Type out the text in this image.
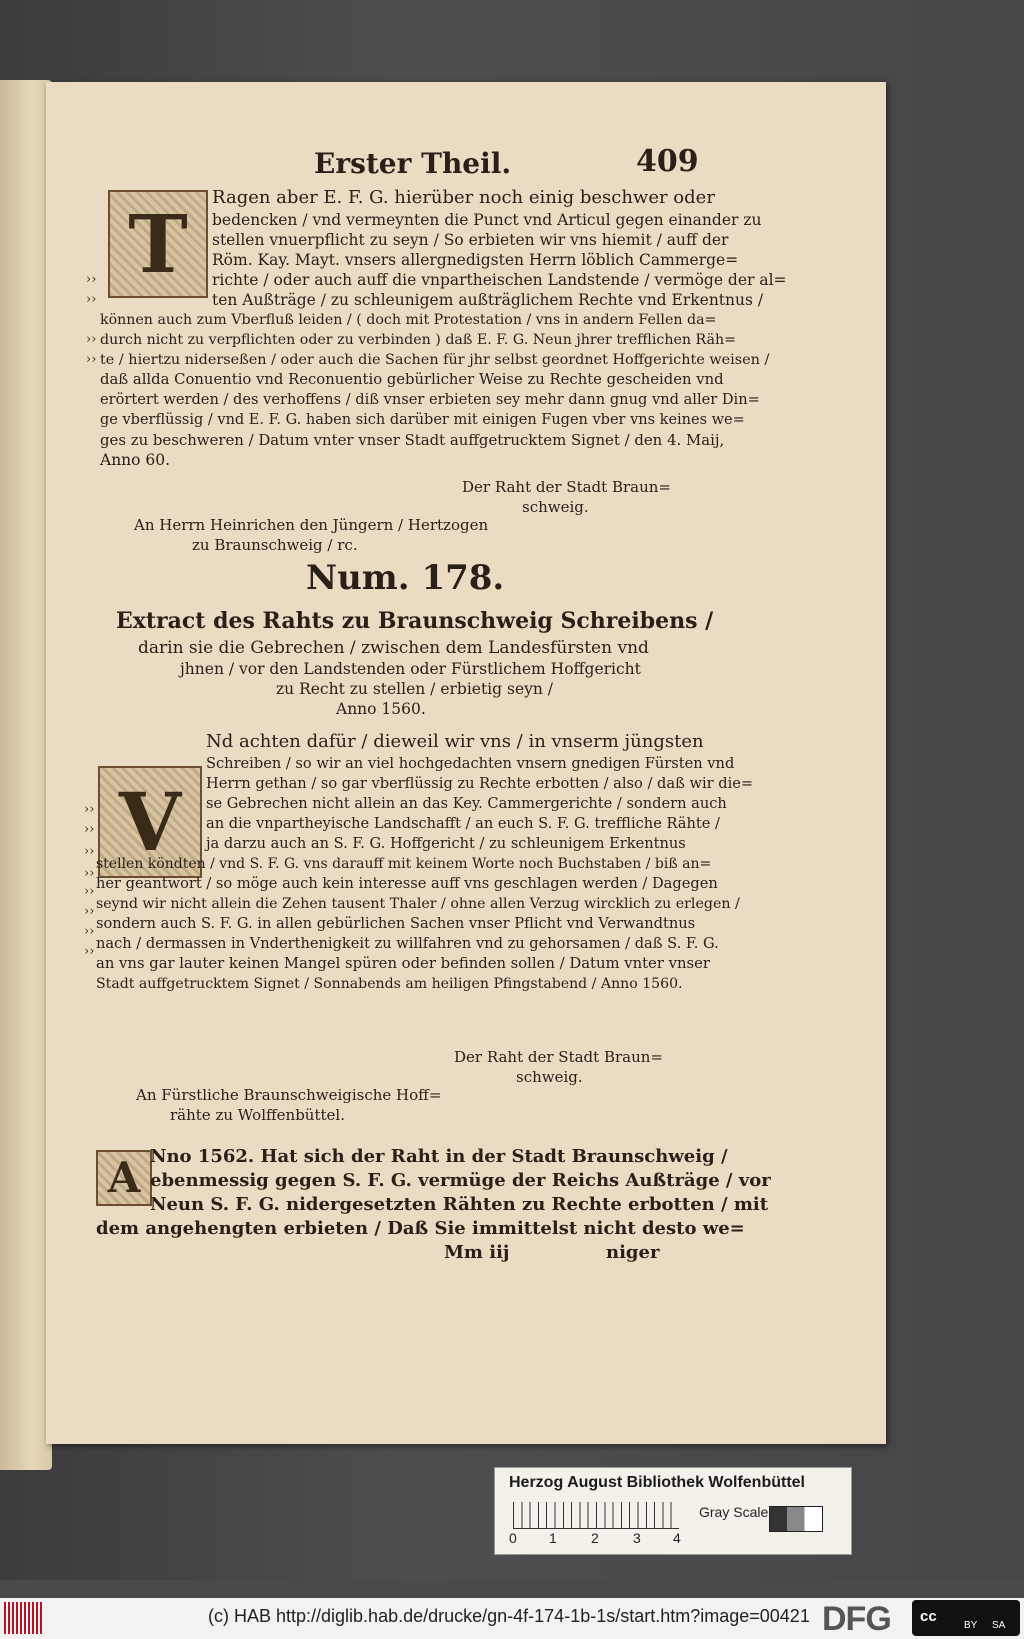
Erster Theil.	409
T	Ragen aber E. F. G. hierüber noch einig beschwer oder
bedencken / vnd vermeynten die Punct vnd Articul gegen einander zu
stellen vnuerpflicht zu seyn / So erbieten wir vns hiemit / auff der
Röm. Kay. Mayt. vnsers allergnedigsten Herrn löblich Cammerge=
richte / oder auch auff die vnpartheischen Landstende / vermöge der al=
ten Außträge / zu schleunigem außträglichem Rechte vnd Erkentnus /
können auch zum Vberfluß leiden / ( doch mit Protestation / vns in andern Fellen da=
durch nicht zu verpflichten oder zu verbinden ) daß E. F. G. Neun jhrer trefflichen Räh=
te / hiertzu niderseßen / oder auch die Sachen für jhr selbst geordnet Hoffgerichte weisen /
daß allda Conuentio vnd Reconuentio gebürlicher Weise zu Rechte gescheiden vnd
erörtert werden / des verhoffens / diß vnser erbieten sey mehr dann gnug vnd aller Din=
ge vberflüssig / vnd E. F. G. haben sich darüber mit einigen Fugen vber vns keines we=
ges zu beschweren / Datum vnter vnser Stadt auffgetrucktem Signet / den 4. Maij,
Anno 60.
››
››
››
››
Der Raht der Stadt Braun=
schweig.
An Herrn Heinrichen den Jüngern / Hertzogen
zu Braunschweig / rc.
Num. 178.
Extract des Rahts zu Braunschweig Schreibens /
darin sie die Gebrechen / zwischen dem Landesfürsten vnd
jhnen / vor den Landstenden oder Fürstlichem Hoffgericht
zu Recht zu stellen / erbietig seyn /
Anno 1560.
V
Nd achten dafür / dieweil wir vns / in vnserm jüngsten
Schreiben / so wir an viel hochgedachten vnsern gnedigen Fürsten vnd
Herrn gethan / so gar vberflüssig zu Rechte erbotten / also / daß wir die=
se Gebrechen nicht allein an das Key. Cammergerichte / sondern auch
an die vnpartheyische Landschafft / an euch S. F. G. treffliche Rähte /
ja darzu auch an S. F. G. Hoffgericht / zu schleunigem Erkentnus
stellen köndten / vnd S. F. G. vns darauff mit keinem Worte noch Buchstaben / biß an=
her geantwort / so möge auch kein interesse auff vns geschlagen werden / Dagegen
seynd wir nicht allein die Zehen tausent Thaler / ohne allen Verzug wircklich zu erlegen /
sondern auch S. F. G. in allen gebürlichen Sachen vnser Pflicht vnd Verwandtnus
nach / dermassen in Vnderthenigkeit zu willfahren vnd zu gehorsamen / daß S. F. G.
an vns gar lauter keinen Mangel spüren oder befinden sollen / Datum vnter vnser
Stadt auffgetrucktem Signet / Sonnabends am heiligen Pfingstabend / Anno 1560.
››
››
››
››
››
››
››
››
Der Raht der Stadt Braun=
schweig.
An Fürstliche Braunschweigische Hoff=
rähte zu Wolffenbüttel.
A Nno 1562. Hat sich der Raht in der Stadt Braunschweig /
ebenmessig gegen S. F. G. vermüge der Reichs Außträge / vor
Neun S. F. G. nidergesetzten Rähten zu Rechte erbotten / mit
dem angehengten erbieten / Daß Sie immittelst nicht desto we=
Mm iij	niger
Herzog August Bibliothek Wolfenbüttel
0 1 2 3 4
Gray Scale
(c) HAB http://diglib.hab.de/drucke/gn-4f-174-1b-1s/start.htm?image=00421 DFG cc
BY SA
